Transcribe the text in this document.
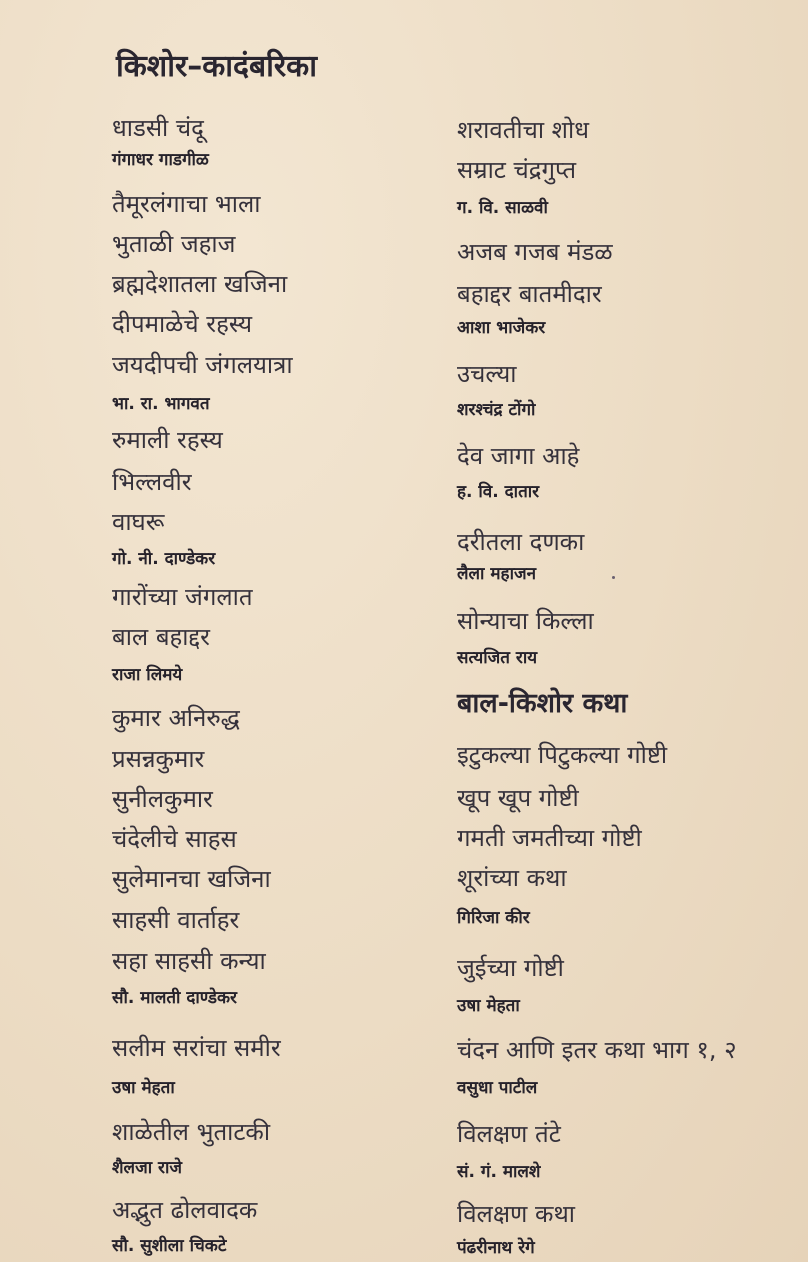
किशोर–कादंबरिका
धाडसी चंदू
गंगाधर गाडगीळ
तैमूरलंगाचा भाला
भुताळी जहाज
ब्रह्मदेशातला खजिना
दीपमाळेचे रहस्य
जयदीपची जंगलयात्रा
भा. रा. भागवत
रुमाली रहस्य
भिल्लवीर
वाघरू
गो. नी. दाण्डेकर
गारोंच्या जंगलात
बाल बहाद्दर
राजा लिमये
कुमार अनिरुद्ध
प्रसन्नकुमार
सुनीलकुमार
चंदेलीचे साहस
सुलेमानचा खजिना
साहसी वार्ताहर
सहा साहसी कन्या
सौ. मालती दाण्डेकर
सलीम सरांचा समीर
उषा मेहता
शाळेतील भुताटकी
शैलजा राजे
अद्भुत ढोलवादक
सौ. सुशीला चिकटे
शरावतीचा शोध
सम्राट चंद्रगुप्त
ग. वि. साळवी
अजब गजब मंडळ
बहाद्दर बातमीदार
आशा भाजेकर
उचल्या
शरश्चंद्र टोंगो
देव जागा आहे
ह. वि. दातार
दरीतला दणका
लैला महाजन
सोन्याचा किल्ला
सत्यजित राय
बाल-किशोर कथा
इटुकल्या पिटुकल्या गोष्टी
खूप खूप गोष्टी
गमती जमतीच्या गोष्टी
शूरांच्या कथा
गिरिजा कीर
जुईच्या गोष्टी
उषा मेहता
चंदन आणि इतर कथा भाग १, २
वसुधा पाटील
विलक्षण तंटे
सं. गं. मालशे
विलक्षण कथा
पंढरीनाथ रेगे
